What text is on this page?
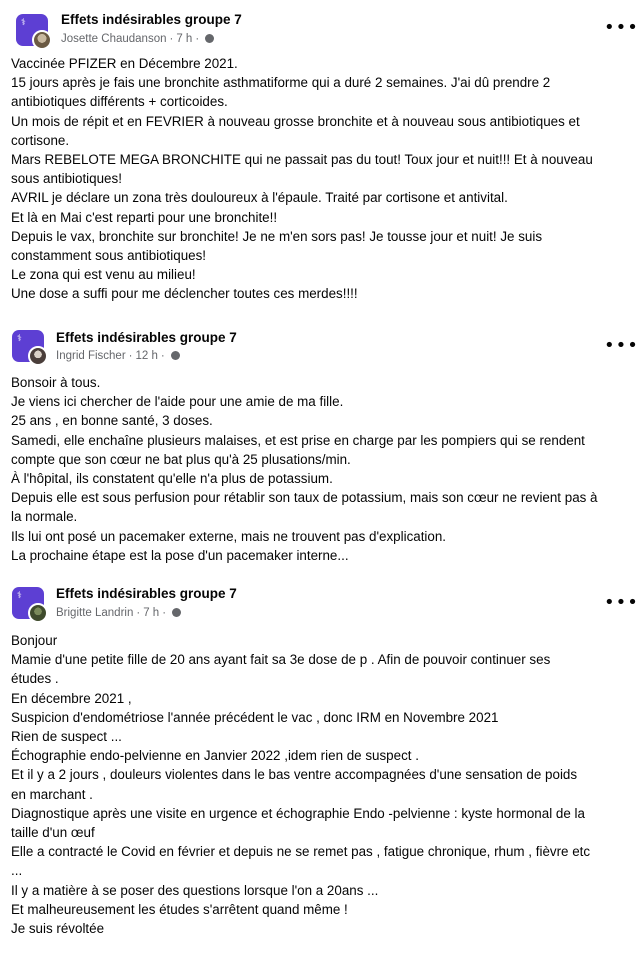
⚕	Effets indésirables groupe 7
Josette Chaudanson · 7 h ·
•••
Vaccinée PFIZER en Décembre 2021.
15 jours après je fais une bronchite asthmatiforme qui a duré 2 semaines. J'ai dû prendre 2
antibiotiques différents + corticoides.
Un mois de répit et en FEVRIER à nouveau grosse bronchite et à nouveau sous antibiotiques et
cortisone.
Mars REBELOTE MEGA BRONCHITE qui ne passait pas du tout! Toux jour et nuit!!! Et à nouveau
sous antibiotiques!
AVRIL je déclare un zona très douloureux à l'épaule. Traité par cortisone et antivital.
Et là en Mai c'est reparti pour une bronchite!!
Depuis le vax, bronchite sur bronchite! Je ne m'en sors pas! Je tousse jour et nuit! Je suis
constamment sous antibiotiques!
Le zona qui est venu au milieu!
Une dose a suffi pour me déclencher toutes ces merdes!!!!
⚕	Effets indésirables groupe 7
Ingrid Fischer · 12 h ·	•••
Bonsoir à tous.
Je viens ici chercher de l'aide pour une amie de ma fille.
25 ans , en bonne santé, 3 doses.
Samedi, elle enchaîne plusieurs malaises, et est prise en charge par les pompiers qui se rendent
compte que son cœur ne bat plus qu'à 25 plusations/min.
À l'hôpital, ils constatent qu'elle n'a plus de potassium.
Depuis elle est sous perfusion pour rétablir son taux de potassium, mais son cœur ne revient pas à
la normale.
Ils lui ont posé un pacemaker externe, mais ne trouvent pas d'explication.
La prochaine étape est la pose d'un pacemaker interne...
⚕	Effets indésirables groupe 7
Brigitte Landrin · 7 h ·	•••
Bonjour
Mamie d'une petite fille de 20 ans ayant fait sa 3e dose de p . Afin de pouvoir continuer ses
études .
En décembre 2021 ,
Suspicion d'endométriose l'année précédent le vac , donc IRM en Novembre 2021
Rien de suspect ...
Échographie endo-pelvienne en Janvier 2022 ,idem rien de suspect .
Et il y a 2 jours , douleurs violentes dans le bas ventre accompagnées d'une sensation de poids
en marchant .
Diagnostique après une visite en urgence et échographie Endo -pelvienne : kyste hormonal de la
taille d'un œuf
Elle a contracté le Covid en février et depuis ne se remet pas , fatigue chronique, rhum , fièvre etc
...
Il y a matière à se poser des questions lorsque l'on a 20ans ...
Et malheureusement les études s'arrêtent quand même !
Je suis révoltée
